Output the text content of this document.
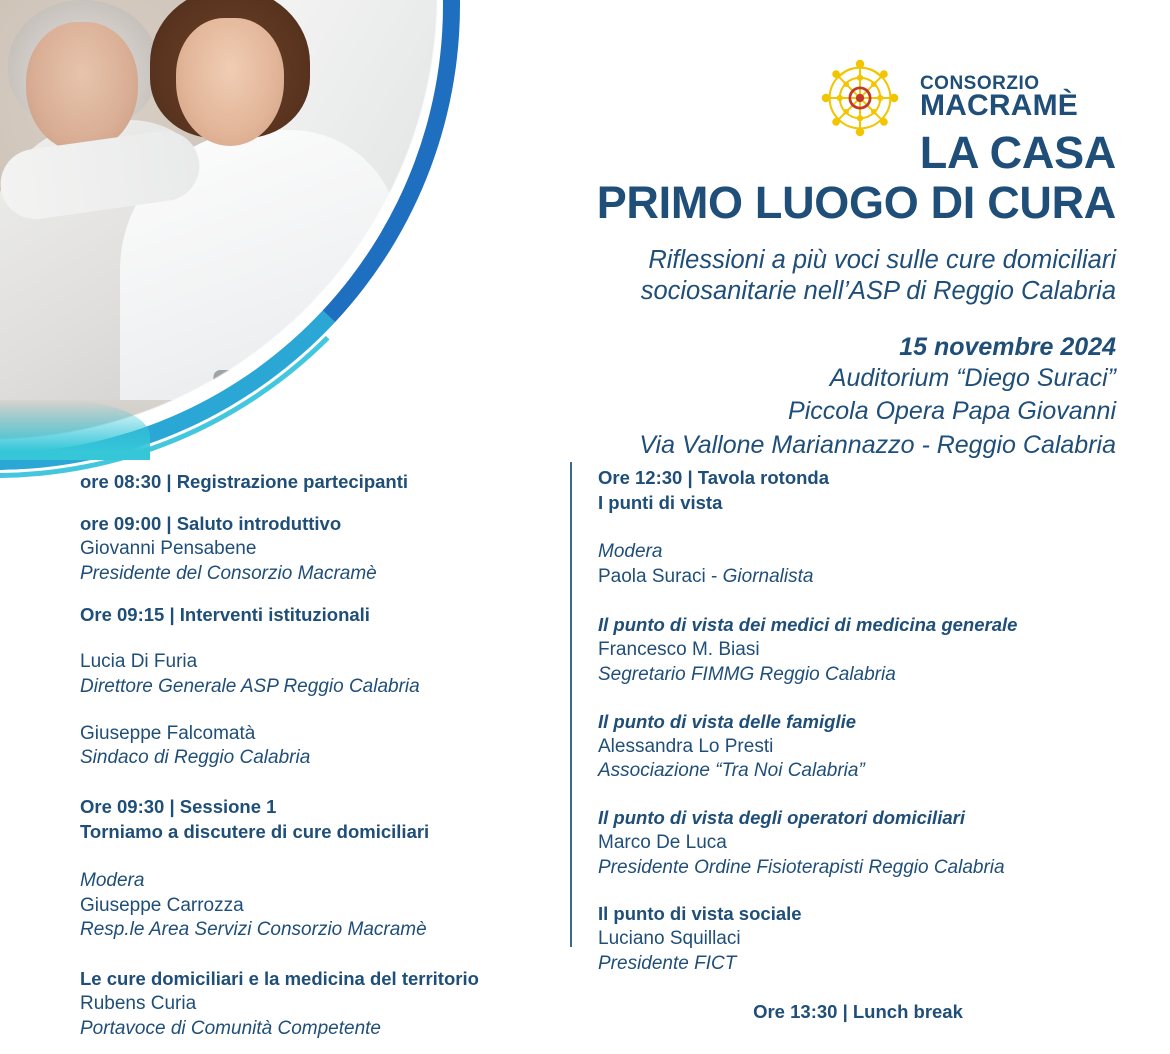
CONSORZIO
MACRAMÈ
LA CASA
PRIMO LUOGO DI CURA
Riflessioni a più voci sulle cure domiciliari
sociosanitarie nell’ASP di Reggio Calabria
15 novembre 2024
Auditorium “Diego Suraci”
Piccola Opera Papa Giovanni
Via Vallone Mariannazzo - Reggio Calabria
ore 08:30 | Registrazione partecipanti
ore 09:00 | Saluto introduttivo
Giovanni Pensabene
Presidente del Consorzio Macramè
Ore 09:15 | Interventi istituzionali
Lucia Di Furia
Direttore Generale ASP Reggio Calabria
Giuseppe Falcomatà
Sindaco di Reggio Calabria
Ore 09:30 | Sessione 1
Torniamo a discutere di cure domiciliari
Modera
Giuseppe Carrozza
Resp.le Area Servizi Consorzio Macramè
Le cure domiciliari e la medicina del territorio
Rubens Curia
Portavoce di Comunità Competente
Ore 12:30 | Tavola rotonda
I punti di vista
Modera
Paola Suraci - Giornalista
Il punto di vista dei medici di medicina generale
Francesco M. Biasi
Segretario FIMMG Reggio Calabria
Il punto di vista delle famiglie
Alessandra Lo Presti
Associazione “Tra Noi Calabria”
Il punto di vista degli operatori domiciliari
Marco De Luca
Presidente Ordine Fisioterapisti Reggio Calabria
Il punto di vista sociale
Luciano Squillaci
Presidente FICT
Ore 13:30 | Lunch break
